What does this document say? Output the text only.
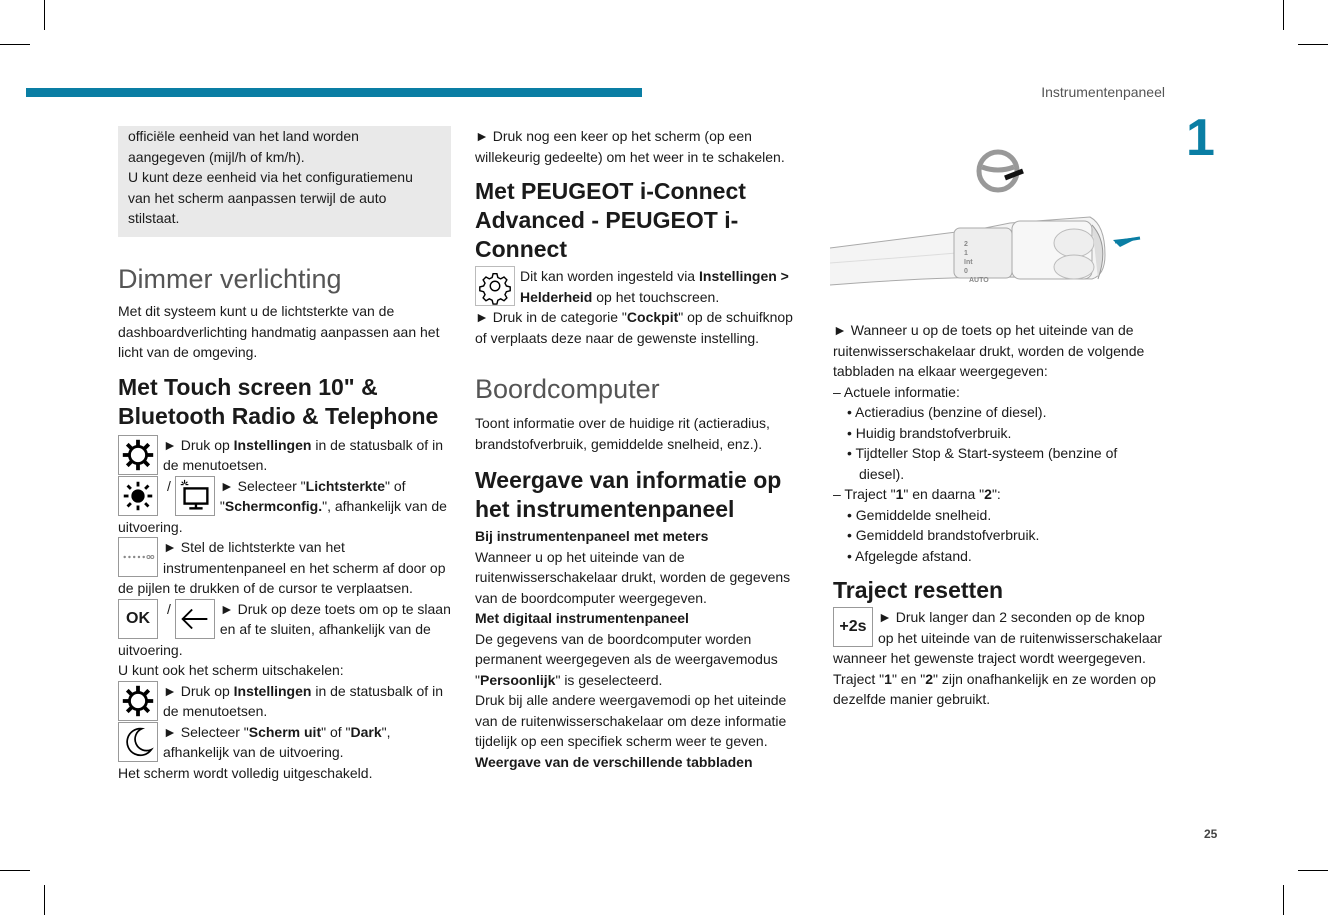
Instrumentenpaneel
1
25

officiële eenheid van het land worden

aangegeven (mijl/h of km/h).

U kunt deze eenheid via het configuratiemenu

van het scherm aanpassen terwijl de auto

stilstaat.

Dimmer verlichting

Met dit systeem kunt u de lichtsterkte van de dashboardverlichting handmatig aanpassen aan het licht van de omgeving.

Met Touch screen 10" & Bluetooth Radio & Telephone
► Druk op Instellingen in de statusbalk of in de menutoetsen.
/	► Selecteer "Lichtsterkte" of "Schermconfig.", afhankelijk van de uitvoering.
► Stel de lichtsterkte van het instrumentenpaneel en het scherm af door op de pijlen te drukken of de cursor te verplaatsen.
OK
/	► Druk op deze toets om op te slaan en af te sluiten, afhankelijk van de uitvoering.

U kunt ook het scherm uitschakelen:

► Druk op Instellingen in de statusbalk of in de menutoetsen.
► Selecteer "Scherm uit" of "Dark", afhankelijk van de uitvoering.

Het scherm wordt volledig uitgeschakeld.

► Druk nog een keer op het scherm (op een willekeurig gedeelte) om het weer in te schakelen.

Met PEUGEOT i-Connect Advanced - PEUGEOT i-Connect
Dit kan worden ingesteld via Instellingen > Helderheid op het touchscreen.

► Druk in de categorie "Cockpit" op de schuifknop of verplaats deze naar de gewenste instelling.

Boordcomputer

Toont informatie over de huidige rit (actieradius, brandstofverbruik, gemiddelde snelheid, enz.).

Weergave van informatie op het instrumentenpaneel

Bij instrumentenpaneel met meters

Wanneer u op het uiteinde van de ruitenwisserschakelaar drukt, worden de gegevens van de boordcomputer weergegeven.

Met digitaal instrumentenpaneel

De gegevens van de boordcomputer worden permanent weergegeven als de weergavemodus "Persoonlijk" is geselecteerd.

Druk bij alle andere weergavemodi op het uiteinde van de ruitenwisserschakelaar om deze informatie tijdelijk op een specifiek scherm weer te geven.

Weergave van de verschillende tabbladen

2
1
Int
0
AUTO

► Wanneer u op de toets op het uiteinde van de ruitenwisserschakelaar drukt, worden de volgende tabbladen na elkaar weergegeven:

– Actuele informatie:

• Actieradius (benzine of diesel).

• Huidig brandstofverbruik.

• Tijdteller Stop & Start-systeem (benzine of diesel).

– Traject "1" en daarna "2":

• Gemiddelde snelheid.

• Gemiddeld brandstofverbruik.

• Afgelegde afstand.

Traject resetten
+2s
► Druk langer dan 2 seconden op de knop op het uiteinde van de ruitenwisserschakelaar wanneer het gewenste traject wordt weergegeven.

Traject "1" en "2" zijn onafhankelijk en ze worden op dezelfde manier gebruikt.
